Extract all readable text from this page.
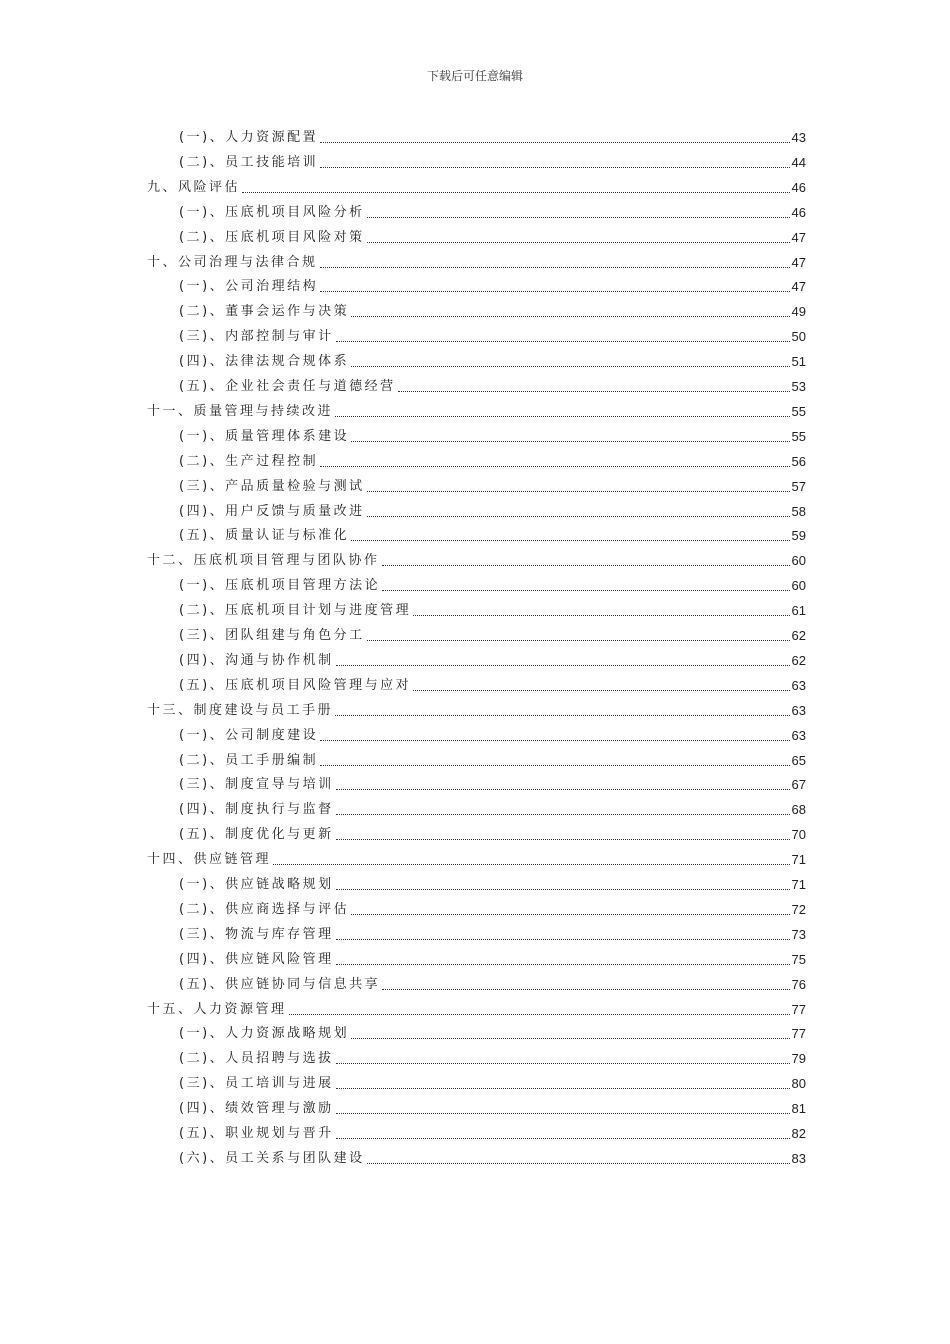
下载后可任意编辑
(一)、人力资源配置	43
(二)、员工技能培训	44
九、风险评估	46
(一)、压底机项目风险分析	46
(二)、压底机项目风险对策	47
十、公司治理与法律合规	47
(一)、公司治理结构	47
(二)、董事会运作与决策	49
(三)、内部控制与审计	50
(四)、法律法规合规体系	51
(五)、企业社会责任与道德经营	53
十一、质量管理与持续改进	55
(一)、质量管理体系建设	55
(二)、生产过程控制	56
(三)、产品质量检验与测试	57
(四)、用户反馈与质量改进	58
(五)、质量认证与标准化	59
十二、压底机项目管理与团队协作	60
(一)、压底机项目管理方法论	60
(二)、压底机项目计划与进度管理	61
(三)、团队组建与角色分工	62
(四)、沟通与协作机制	62
(五)、压底机项目风险管理与应对	63
十三、制度建设与员工手册	63
(一)、公司制度建设	63
(二)、员工手册编制	65
(三)、制度宣导与培训	67
(四)、制度执行与监督	68
(五)、制度优化与更新	70
十四、供应链管理	71
(一)、供应链战略规划	71
(二)、供应商选择与评估	72
(三)、物流与库存管理	73
(四)、供应链风险管理	75
(五)、供应链协同与信息共享	76
十五、人力资源管理	77
(一)、人力资源战略规划	77
(二)、人员招聘与选拔	79
(三)、员工培训与进展	80
(四)、绩效管理与激励	81
(五)、职业规划与晋升	82
(六)、员工关系与团队建设	83
